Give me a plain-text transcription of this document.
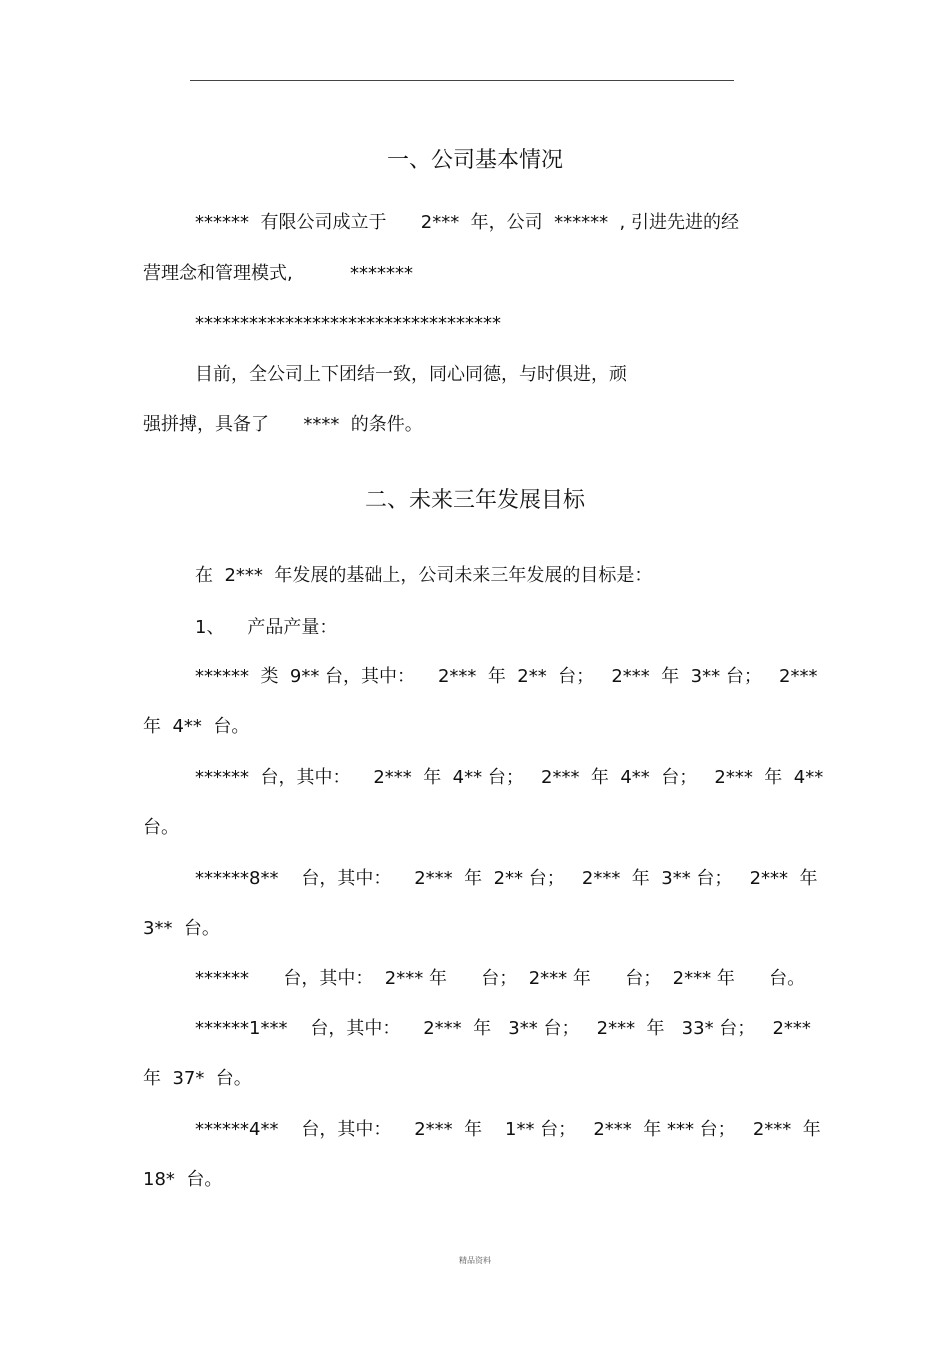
一、公司基本情况
******  有限公司成立于      2***  年，公司  ******  , 引进先进的经
营理念和管理模式,          *******
**********************************
目前，全公司上下团结一致，同心同德，与时俱进，顽
强拼搏，具备了      ****  的条件。
二、未来三年发展目标
在  2***  年发展的基础上，公司未来三年发展的目标是：
1、    产品产量：
******  类  9** 台，其中：    2***  年  2**  台；   2***  年  3** 台；   2***
年  4**  台。
******  台，其中：    2***  年  4** 台；   2***  年  4**  台；   2***  年  4**
台。
******8**    台，其中：    2***  年  2** 台；   2***  年  3** 台；   2***  年
3**  台。
******      台，其中：  2*** 年      台；  2*** 年      台；  2*** 年      台。
******1***    台，其中：    2***  年   3** 台；   2***  年   33* 台；   2***
年  37*  台。
******4**    台，其中：    2***  年    1** 台；   2***  年 *** 台；   2***  年
18*  台。
精品资料
